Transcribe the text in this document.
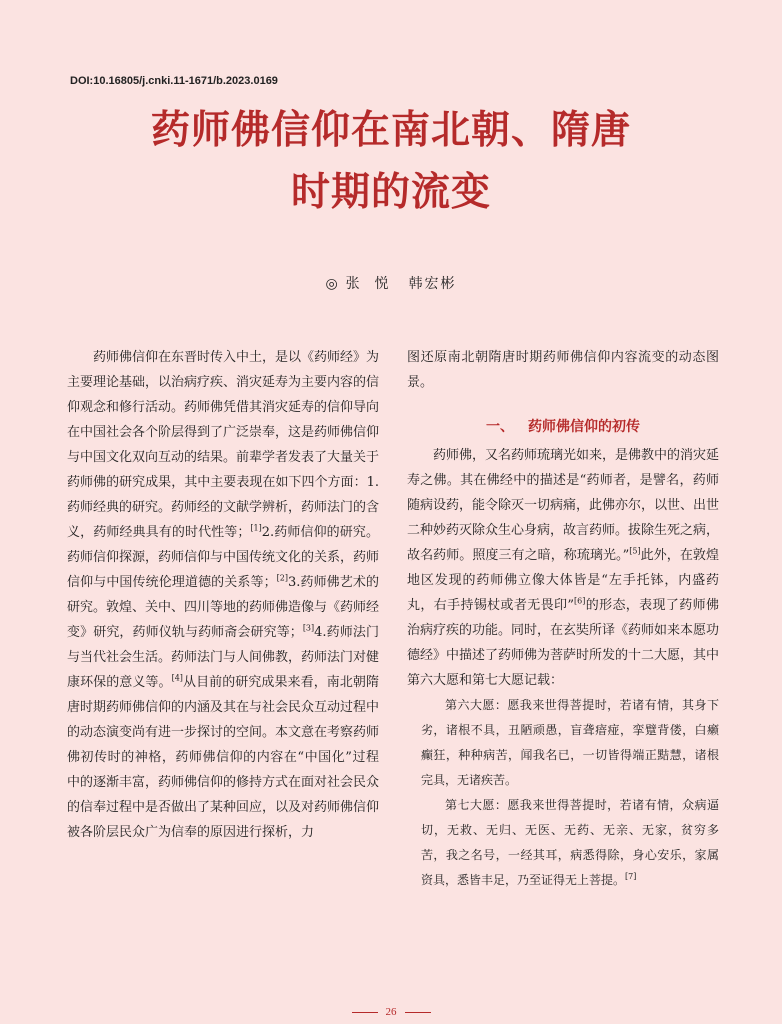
DOI:10.16805/j.cnki.11-1671/b.2023.0169
药师佛信仰在南北朝、隋唐
时期的流变
◎ 张  悦 韩宏彬

药师佛信仰在东晋时传入中土，是以《药师经》为主要理论基础，以治病疗疾、消灾延寿为主要内容的信仰观念和修行活动。药师佛凭借其消灾延寿的信仰导向在中国社会各个阶层得到了广泛崇奉，这是药师佛信仰与中国文化双向互动的结果。前辈学者发表了大量关于药师佛的研究成果，其中主要表现在如下四个方面：1.药师经典的研究。药师经的文献学辨析，药师法门的含义，药师经典具有的时代性等；[1]2.药师信仰的研究。药师信仰探源，药师信仰与中国传统文化的关系，药师信仰与中国传统伦理道德的关系等；[2]3.药师佛艺术的研究。敦煌、关中、四川等地的药师佛造像与《药师经变》研究，药师仪轨与药师斋会研究等；[3]4.药师法门与当代社会生活。药师法门与人间佛教，药师法门对健康环保的意义等。[4]从目前的研究成果来看，南北朝隋唐时期药师佛信仰的内涵及其在与社会民众互动过程中的动态演变尚有进一步探讨的空间。本文意在考察药师佛初传时的神格，药师佛信仰的内容在“中国化”过程中的逐渐丰富，药师佛信仰的修持方式在面对社会民众的信奉过程中是否做出了某种回应，以及对药师佛信仰被各阶层民众广为信奉的原因进行探析，力

图还原南北朝隋唐时期药师佛信仰内容流变的动态图景。

一、 药师佛信仰的初传

药师佛，又名药师琉璃光如来，是佛教中的消灾延寿之佛。其在佛经中的描述是“药师者，是譬名，药师随病设药，能令除灭一切病痛，此佛亦尔，以世、出世二种妙药灭除众生心身病，故言药师。拔除生死之病，故名药师。照度三有之暗，称琉璃光。”[5]此外，在敦煌地区发现的药师佛立像大体皆是“左手托钵，内盛药丸，右手持锡杖或者无畏印”[6]的形态，表现了药师佛治病疗疾的功能。同时，在玄奘所译《药师如来本愿功德经》中描述了药师佛为菩萨时所发的十二大愿，其中第六大愿和第七大愿记载：

第六大愿：愿我来世得菩提时，若诸有情，其身下劣，诸根不具，丑陋顽愚，盲聋瘖痖，挛躄背偻，白癞癫狂，种种病苦，闻我名已，一切皆得端正黠慧，诸根完具，无诸疾苦。

第七大愿：愿我来世得菩提时，若诸有情，众病逼切，无救、无归、无医、无药、无亲、无家，贫穷多苦，我之名号，一经其耳，病悉得除，身心安乐，家属资具，悉皆丰足，乃至证得无上菩提。[7]

26
